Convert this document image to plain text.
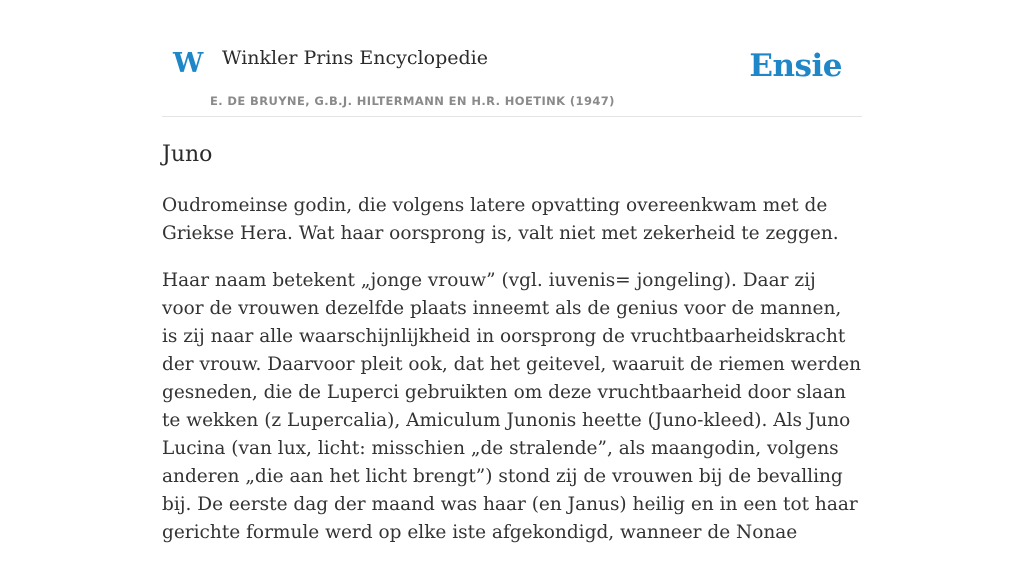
W Winkler Prins Encyclopedie
E. DE BRUYNE, G.B.J. HILTERMANN EN H.R. HOETINK (1947)
Ensie
Juno

Oudromeinse godin, die volgens latere opvatting overeenkwam met de Griekse Hera. Wat haar oorsprong is, valt niet met zekerheid te zeggen.

Haar naam betekent „jonge vrouw” (vgl. iuvenis= jongeling). Daar zij voor de vrouwen dezelfde plaats inneemt als de genius voor de mannen, is zij naar alle waarschijnlijkheid in oorsprong de vruchtbaarheidskracht der vrouw. Daarvoor pleit ook, dat het geitevel, waaruit de riemen werden gesneden, die de Luperci gebruikten om deze vruchtbaarheid door slaan te wekken (z Lupercalia), Amiculum Junonis heette (Juno-kleed). Als Juno Lucina (van lux, licht: misschien „de stralende”, als maangodin, volgens anderen „die aan het licht brengt”) stond zij de vrouwen bij de bevalling bij. De eerste dag der maand was haar (en Janus) heilig en in een tot haar gerichte formule werd op elke iste afgekondigd, wanneer de Nonae
